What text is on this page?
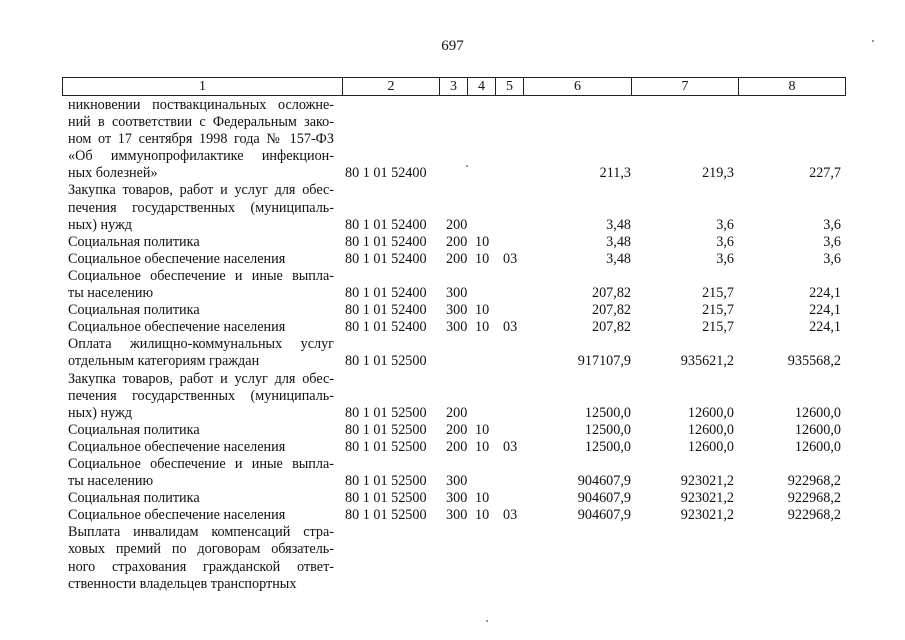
697
1	2	3	4	5	6	7	8
никновении поствакцинальных осложне-
ний в соответствии с Федеральным зако-
ном от 17 сентября 1998 года № 157-ФЗ
«Об иммунопрофилактике инфекцион-
ных болезней»	80 1 01 52400	211,3	219,3	227,7
Закупка товаров, работ и услуг для обес-
печения государственных (муниципаль-
ных) нужд	80 1 01 52400 200	3,48	3,6	3,6
Социальная политика	80 1 01 52400 200 10	3,48	3,6	3,6
Социальное обеспечение населения	80 1 01 52400 200 10 03	3,48	3,6	3,6
Социальное обеспечение и иные выпла-
ты населению	80 1 01 52400 300	207,82	215,7	224,1
Социальная политика	80 1 01 52400 300 10	207,82	215,7	224,1
Социальное обеспечение населения	80 1 01 52400 300 10 03	207,82	215,7	224,1
Оплата жилищно-коммунальных услуг
отдельным категориям граждан	80 1 01 52500	917107,9	935621,2	935568,2
Закупка товаров, работ и услуг для обес-
печения государственных (муниципаль-
ных) нужд	80 1 01 52500 200	12500,0	12600,0	12600,0
Социальная политика	80 1 01 52500 200 10	12500,0	12600,0	12600,0
Социальное обеспечение населения	80 1 01 52500 200 10 03	12500,0	12600,0	12600,0
Социальное обеспечение и иные выпла-
ты населению	80 1 01 52500 300	904607,9	923021,2	922968,2
Социальная политика	80 1 01 52500 300 10	904607,9	923021,2	922968,2
Социальное обеспечение населения	80 1 01 52500 300 10 03	904607,9	923021,2	922968,2
Выплата инвалидам компенсаций стра-
ховых премий по договорам обязатель-
ного страхования гражданской ответ-
ственности владельцев транспортных
